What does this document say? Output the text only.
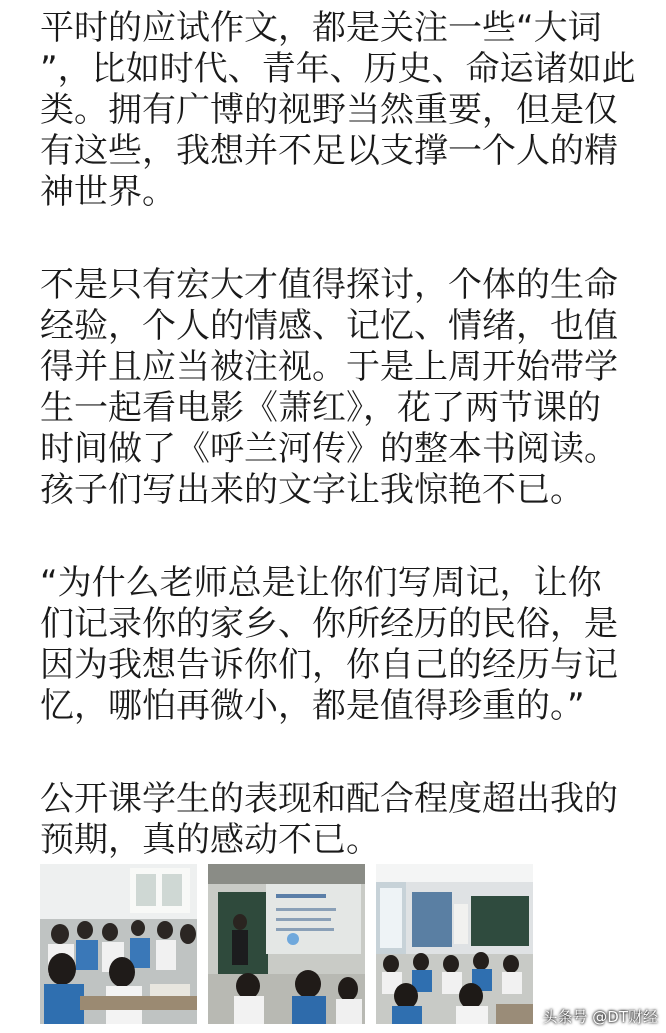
平时的应试作文，都是关注一些“大词
”，比如时代、青年、历史、命运诸如此
类。拥有广博的视野当然重要，但是仅
有这些，我想并不足以支撑一个人的精
神世界。
不是只有宏大才值得探讨，个体的生命
经验，个人的情感、记忆、情绪，也值
得并且应当被注视。于是上周开始带学
生一起看电影《萧红》，花了两节课的
时间做了《呼兰河传》的整本书阅读。
孩子们写出来的文字让我惊艳不已。
“为什么老师总是让你们写周记，让你
们记录你的家乡、你所经历的民俗，是
因为我想告诉你们，你自己的经历与记
忆，哪怕再微小，都是值得珍重的。”
公开课学生的表现和配合程度超出我的
预期，真的感动不已。
头条号 @DT财经
